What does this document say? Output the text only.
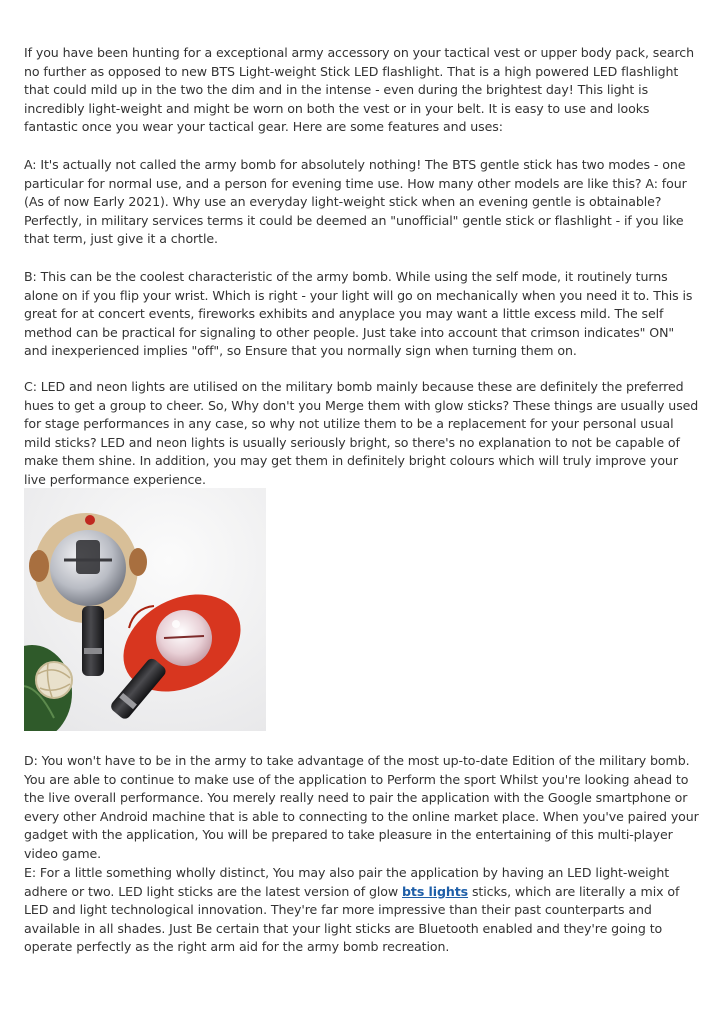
If you have been hunting for a exceptional army accessory on your tactical vest or upper body pack, search no further as opposed to new BTS Light-weight Stick LED flashlight. That is a high powered LED flashlight that could mild up in the two the dim and in the intense - even during the brightest day! This light is incredibly light-weight and might be worn on both the vest or in your belt. It is easy to use and looks fantastic once you wear your tactical gear. Here are some features and uses:

A: It's actually not called the army bomb for absolutely nothing! The BTS gentle stick has two modes - one particular for normal use, and a person for evening time use. How many other models are like this? A: four (As of now Early 2021). Why use an everyday light-weight stick when an evening gentle is obtainable? Perfectly, in military services terms it could be deemed an "unofficial" gentle stick or flashlight - if you like that term, just give it a chortle.

B: This can be the coolest characteristic of the army bomb. While using the self mode, it routinely turns alone on if you flip your wrist. Which is right - your light will go on mechanically when you need it to. This is great for at concert events, fireworks exhibits and anyplace you may want a little excess mild. The self method can be practical for signaling to other people. Just take into account that crimson indicates" ON" and inexperienced implies "off", so Ensure that you normally sign when turning them on.

C: LED and neon lights are utilised on the military bomb mainly because these are definitely the preferred hues to get a group to cheer. So, Why don't you Merge them with glow sticks? These things are usually used for stage performances in any case, so why not utilize them to be a replacement for your personal usual mild sticks? LED and neon lights is usually seriously bright, so there's no explanation to not be capable of make them shine. In addition, you may get them in definitely bright colours which will truly improve your live performance experience.

D: You won't have to be in the army to take advantage of the most up-to-date Edition of the military bomb. You are able to continue to make use of the application to Perform the sport Whilst you're looking ahead to the live overall performance. You merely really need to pair the application with the Google smartphone or every other Android machine that is able to connecting to the online market place. When you've paired your gadget with the application, You will be prepared to take pleasure in the entertaining of this multi-player video game.

E: For a little something wholly distinct, You may also pair the application by having an LED light-weight adhere or two. LED light sticks are the latest version of glow bts lights sticks, which are literally a mix of LED and light technological innovation. They're far more impressive than their past counterparts and available in all shades. Just Be certain that your light sticks are Bluetooth enabled and they're going to operate perfectly as the right arm aid for the army bomb recreation.
